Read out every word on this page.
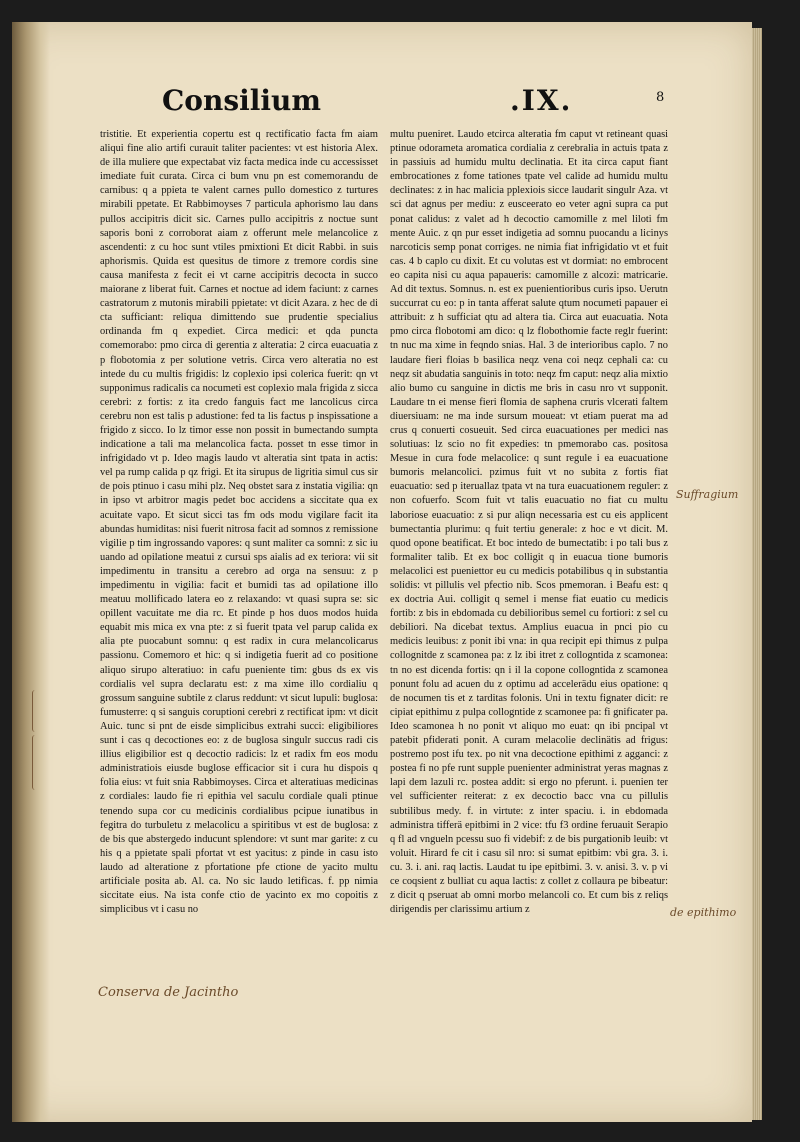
Consilium	.IX.	8

tristitie. Et experientia copertu est q rectificatio facta fm aiam aliqui fine alio artifi curauit taliter pacientes: vt est historia Alex. de illa muliere que expectabat viz facta medica inde cu accessisset imediate fuit curata. Circa ci bum vnu pn est comemorandu de carnibus: q a ppieta te valent carnes pullo domestico z turtures mirabili ppetate. Et Rabbimoyses 7 particula aphorismo lau dans pullos accipitris dicit sic. Carnes pullo accipitris z noctue sunt saporis boni z corroborat aiam z offerunt mele melancolice z ascendenti: z cu hoc sunt vtiles pmixtioni Et dicit Rabbi. in suis aphorismis. Quida est quesitus de timore z tremore cordis sine causa manifesta z fecit ei vt carne accipitris decocta in succo maiorane z liberat fuit. Carnes et noctue ad idem faciunt: z carnes castratorum z mutonis mirabili ppietate: vt dicit Azara. z hec de di cta sufficiant: reliqua dimittendo sue prudentie specialius ordinanda fm q expediet. Circa medici: et qda puncta comemorabo: pmo circa di gerentia z alteratia: 2 circa euacuatia z p flobotomia z per solutione vetris. Circa vero alteratia no est intede du cu multis frigidis: lz coplexio ipsi colerica fuerit: qn vt supponimus radicalis ca nocumeti est coplexio mala frigida z sicca cerebri: z fortis: z ita credo fanguis fact me lancolicus circa cerebru non est talis p adustione: fed ta lis factus p inspissatione a frigido z sicco. Io lz timor esse non possit in bumectando sumpta indicatione a tali ma melancolica facta. posset tn esse timor in infrigidado vt p. Ideo magis laudo vt alteratia sint tpata in actis: vel pa rump calida p qz frigi. Et ita sirupus de ligritia simul cus sir de pois ptinuo i casu mihi plz. Neq obstet sara z instatia vigilia: qn in ipso vt arbitror magis pedet boc accidens a siccitate qua ex acuitate vapo. Et sicut sicci tas fm ods modu vigilare facit ita abundas humiditas: nisi fuerit nitrosa facit ad somnos z remissione vigilie p tim ingrossando vapores: q sunt maliter ca somni: z sic iu uando ad opilatione meatui z cursui sps aialis ad ex teriora: vii sit impedimentu in transitu a cerebro ad orga na sensuu: z p impedimentu in vigilia: facit et bumidi tas ad opilatione illo meatuu mollificado latera eo z relaxando: vt quasi supra se: sic opillent vacuitate me dia rc. Et pinde p hos duos modos huida equabit mis mica ex vna pte: z si fuerit tpata vel parup calida ex alia pte puocabunt somnu: q est radix in cura melancolicarus passionu. Comemoro et hic: q si indigetia fuerit ad co positione aliquo sirupo alteratiuo: in cafu pueniente tim: gbus ds ex vis cordialis vel supra declaratu est: z ma xime illo cordialiu q grossum sanguine subtile z clarus reddunt: vt sicut lupuli: buglosa: fumusterre: q si sanguis coruptioni cerebri z rectificat ipm: vt dicit Auic. tunc si pnt de eisde simplicibus extrahi succi: eligibiliores sunt i cas q decoctiones eo: z de buglosa singulr succus radi cis illius eligibilior est q decoctio radicis: lz et radix fm eos modu administratiois eiusde buglose efficacior sit i cura hu dispois q folia eius: vt fuit snia Rabbimoyses. Circa et alteratiuas medicinas z cordiales: laudo fie ri epithia vel saculu cordiale quali ptinue tenendo supa cor cu medicinis cordialibus pcipue iunatibus in fegitra do turbuletu z melacolicu a spiritibus vt est de buglosa: z de bis que abstergedo inducunt splendore: vt sunt mar garite: z cu his q a ppietate spali pfortat vt est yacitus: z pinde in casu isto laudo ad alteratione z pfortatione pfe ctione de yacito multu artificiale posita ab. Al. ca. No sic laudo letificas. f. pp nimia siccitate eius. Na ista confe ctio de yacinto ex mo copoitis z simplicibus vt i casu no

multu pueniret. Laudo etcirca alteratia fm caput vt retineant quasi ptinue odorameta aromatica cordialia z cerebralia in actuis tpata z in passiuis ad humidu multu declinatia. Et ita circa caput fiant embrocationes z fome tationes tpate vel calide ad humidu multu declinates: z in hac malicia pplexiois sicce laudarit singulr Aza. vt sci dat agnus per mediu: z eusceerato eo veter agni supra ca put ponat calidus: z valet ad h decoctio camomille z mel liloti fm mente Auic. z qn pur esset indigetia ad somnu puocandu a licinys narcoticis semp ponat corriges. ne nimia fiat infrigidatio vt et fuit cas. 4 b caplo cu dixit. Et cu volutas est vt dormiat: no embrocent eo capita nisi cu aqua papaueris: camomille z alcozi: matricarie. Ad dit textus. Somnus. n. est ex puenientioribus curis ipso. Uerutn succurrat cu eo: p in tanta afferat salute qtum nocumeti papauer ei attribuit: z h sufficiat qtu ad altera tia. Circa aut euacuatia. Nota pmo circa flobotomi am dico: q lz flobothomie facte reglr fuerint: tn nuc ma xime in feqndo snias. Hal. 3 de interioribus caplo. 7 no laudare fieri floias b basilica neqz vena coi neqz cephali ca: cu neqz sit abudatia sanguinis in toto: neqz fm caput: neqz alia mixtio alio bumo cu sanguine in dictis me bris in casu nro vt supponit. Laudare tn ei mense fieri flomia de saphena cruris vlcerati faltem diuersiuam: ne ma inde sursum moueat: vt etiam puerat ma ad crus q conuerti cosueuit. Sed circa euacuationes per medici nas solutiuas: lz scio no fit expedies: tn pmemorabo cas. positosa Mesue in cura fode melacolice: q sunt regule i ea euacuatione bumoris melancolici. pzimus fuit vt no subita z fortis fiat euacuatio: sed p iteruallaz tpata vt na tura euacuationem reguler: z non cofuerfo. Scom fuit vt talis euacuatio no fiat cu multu laboriose euacuatio: z si pur aliqn necessaria est cu eis applicent bumectantia plurimu: q fuit tertiu generale: z hoc e vt dicit. M. quod opone beatificat. Et boc intedo de bumectatib: i po tali bus z formaliter talib. Et ex boc colligit q in euacua tione bumoris melacolici est pueniettor eu cu medicis potabilibus q in substantia solidis: vt pillulis vel pfectio nib. Scos pmemoran. i Beafu est: q ex doctria Aui. colligit q semel i mense fiat euatio cu medicis fortib: z bis in ebdomada cu debilioribus semel cu fortiori: z sel cu debiliori. Na dicebat textus. Amplius euacua in pnci pio cu medicis leuibus: z ponit ibi vna: in qua recipit epi thimus z pulpa collognitde z scamonea pa: z lz ibi itret z collogntida z scamonea: tn no est dicenda fortis: qn i il la copone collogntida z scamonea ponunt folu ad acuen du z optimu ad accelerädu eius opatione: q de nocumen tis et z tarditas folonis. Uni in textu fignater dicit: re cipiat epithimu z pulpa collogntide z scamonee pa: fi gnificater pa. Ideo scamonea h no ponit vt aliquo mo euat: qn ibi pncipal vt patebit pfiderati ponit. A curam melacolie declinätis ad frigus: postremo post ifu tex. po nit vna decoctione epithimi z agganci: z postea fi no pfe runt supple puenienter administrat yeras magnas z lapi dem lazuli rc. postea addit: si ergo no pferunt. i. puenien ter vel sufficienter reiterat: z ex decoctio bacc vna cu pillulis subtilibus medy. f. in virtute: z inter spaciu. i. in ebdomada administra tifferä epitbimi in 2 vice: tfu f3 ordine feruauit Serapio q fl ad vngueln pcessu suo fi videbif: z de bis purgationib leuib: vt voluit. Hirard fe cit i casu sil nro: si sumat epitbim: vbi gra. 3. i. cu. 3. i. ani. raq lactis. Laudat tu ipe epitbimi. 3. v. anisi. 3. v. p vi ce coqsient z bulliat cu aqua lactis: z collet z collaura pe bibeatur: z dicit q pseruat ab omni morbo melancoli co. Et cum bis z reliqs dirigendis per clarissimu artium z

Conserva de Jacintho
Suffragium
de epithimo
